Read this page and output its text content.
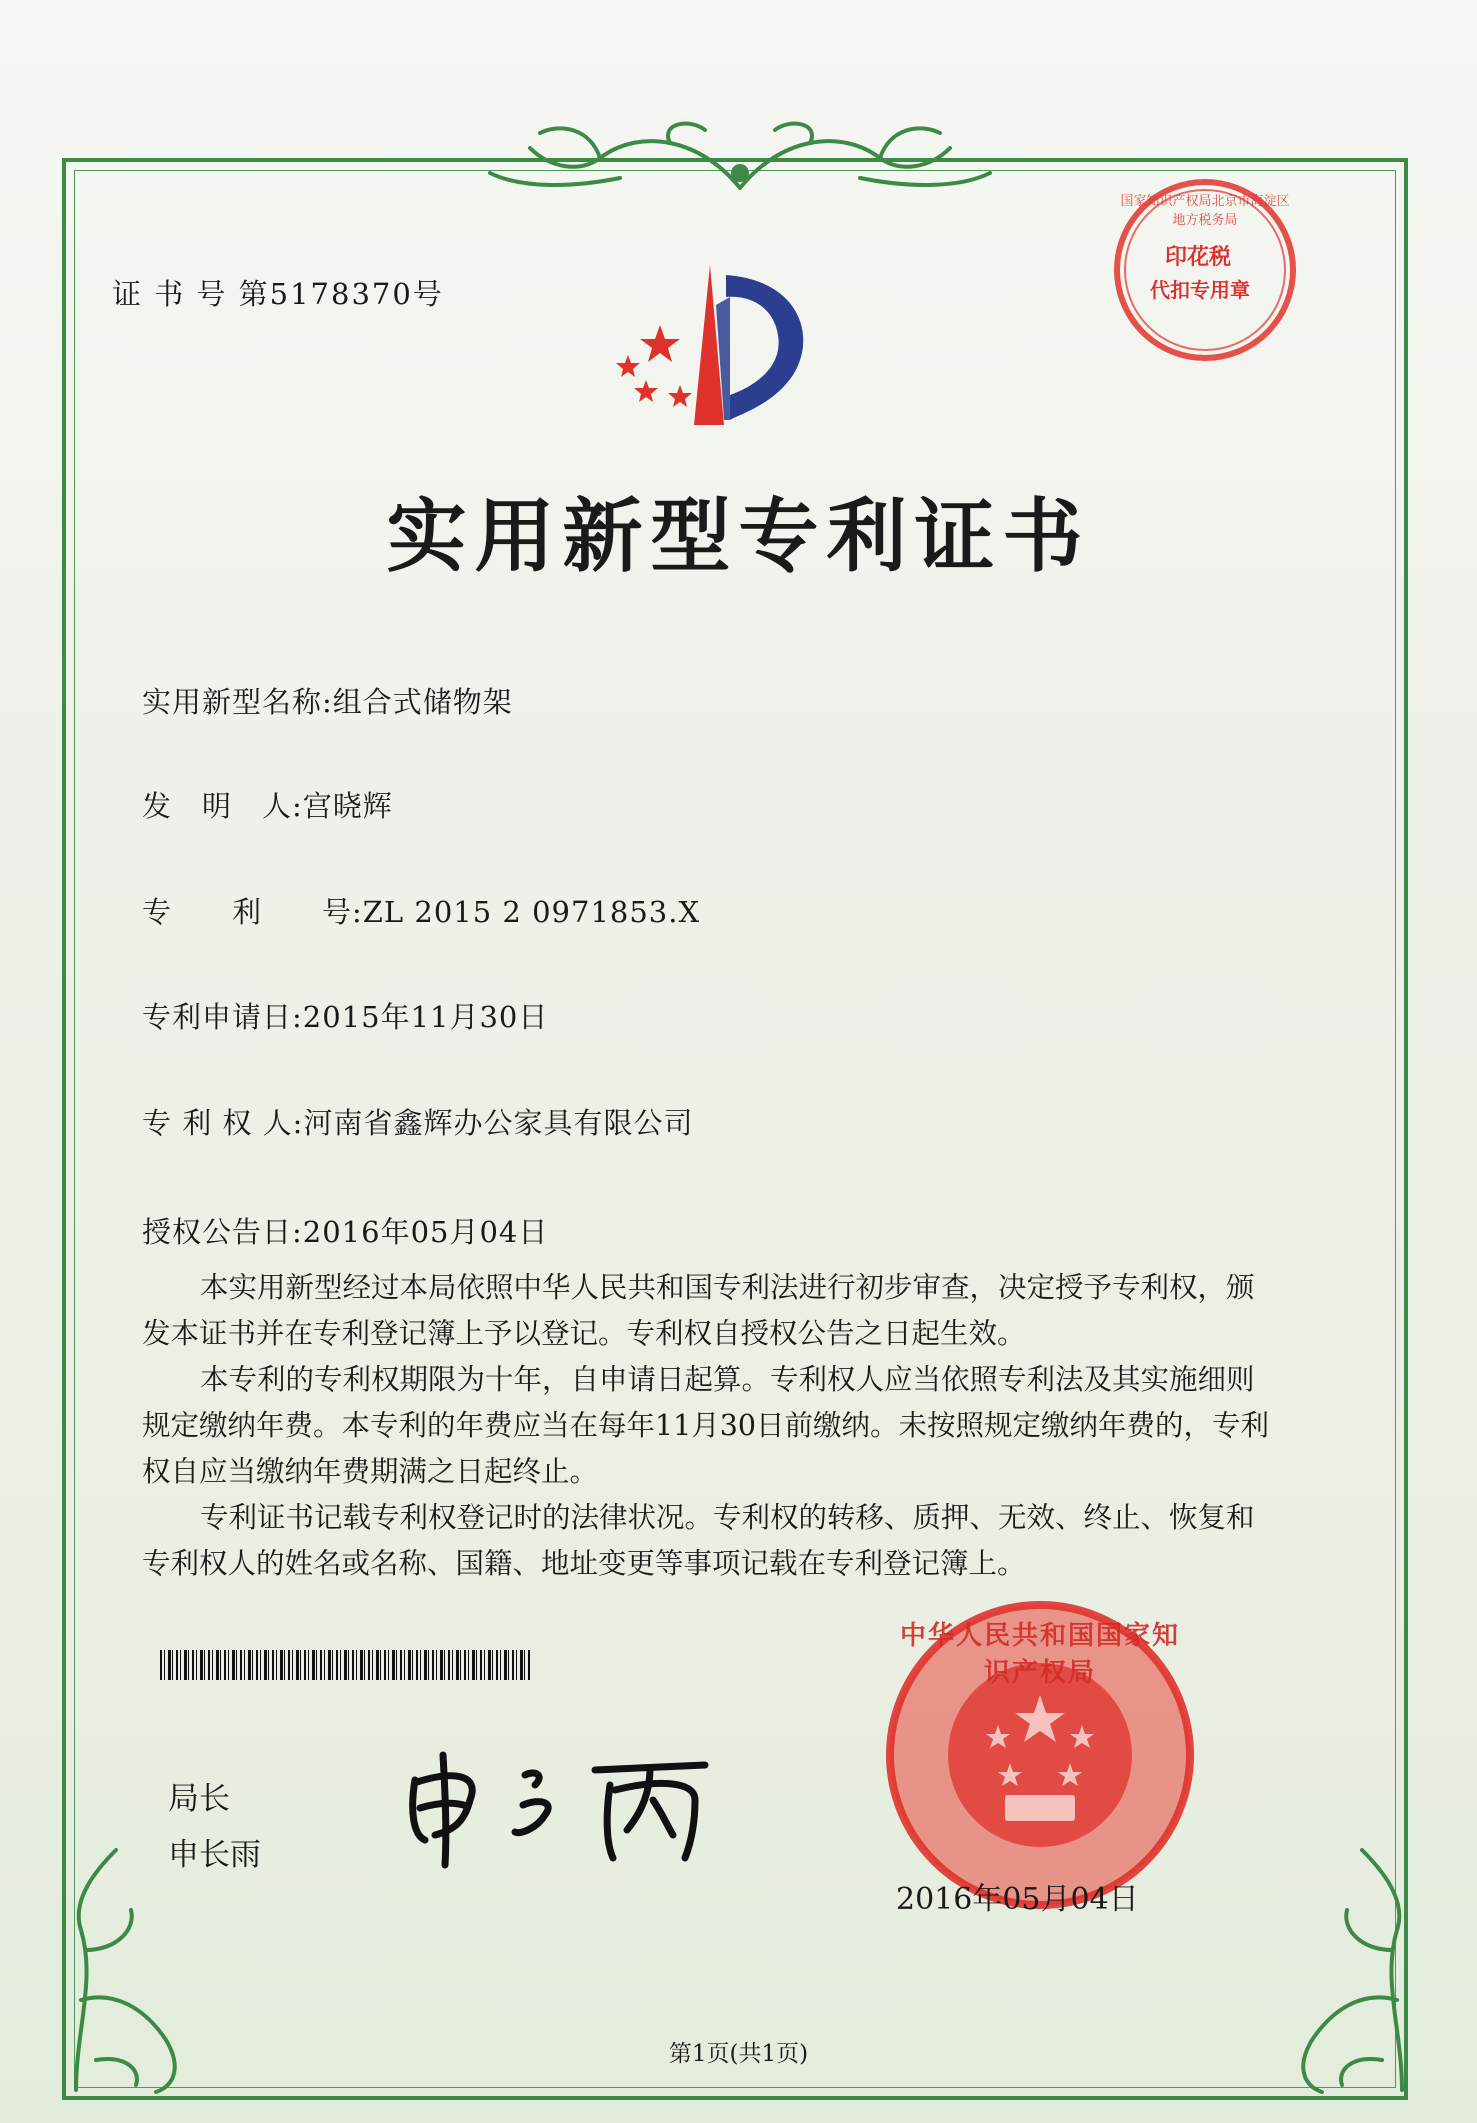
印花税
代扣专用章
国家知识产权局北京市海淀区地方税务局
证 书 号 第5178370号
实用新型专利证书
实用新型名称:组合式储物架
发　明　人:宫晓辉
专　　利　　号:ZL 2015 2 0971853.X
专利申请日:2015年11月30日
专 利 权 人:河南省鑫辉办公家具有限公司
授权公告日:2016年05月04日

本实用新型经过本局依照中华人民共和国专利法进行初步审查，决定授予专利权，颁发本证书并在专利登记簿上予以登记。专利权自授权公告之日起生效。

本专利的专利权期限为十年，自申请日起算。专利权人应当依照专利法及其实施细则规定缴纳年费。本专利的年费应当在每年11月30日前缴纳。未按照规定缴纳年费的，专利权自应当缴纳年费期满之日起终止。

专利证书记载专利权登记时的法律状况。专利权的转移、质押、无效、终止、恢复和专利权人的姓名或名称、国籍、地址变更等事项记载在专利登记簿上。

局长
申长雨
中华人民共和国国家知识产权局
2016年05月04日
第1页(共1页)
